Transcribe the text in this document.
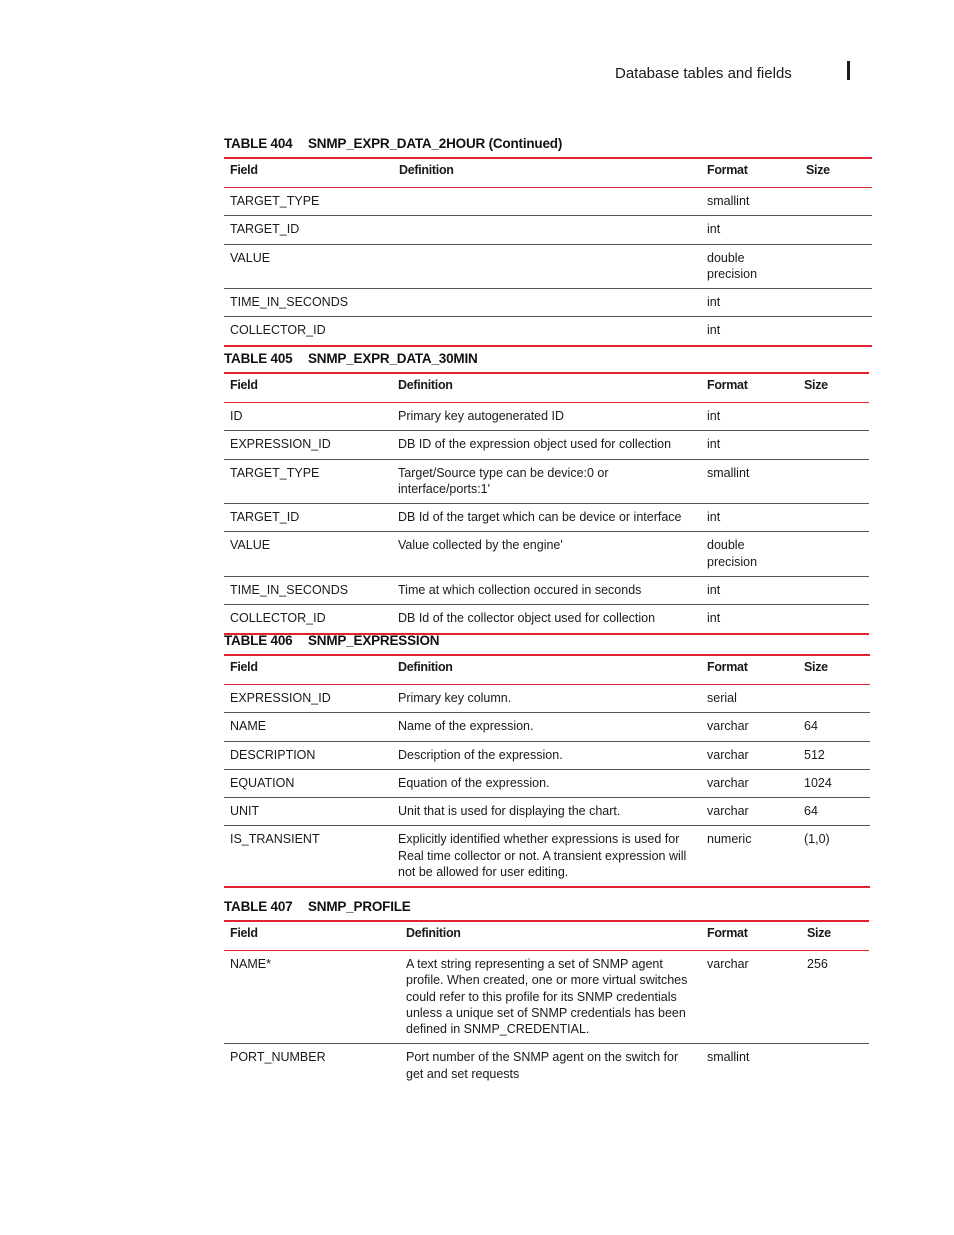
Database tables and fields
TABLE 404 SNMP_EXPR_DATA_2HOUR (Continued)
Field	Definition	Format	Size
TARGET_TYPE		smallint	
TARGET_ID		int	
VALUE		double
precision	
TIME_IN_SECONDS		int	
COLLECTOR_ID		int	
TABLE 405 SNMP_EXPR_DATA_30MIN
Field	Definition	Format	Size
ID	Primary key autogenerated ID	int	
EXPRESSION_ID	DB ID of the expression object used for collection	int	
TARGET_TYPE	Target/Source type can be device:0 or
interface/ports:1'	smallint	
TARGET_ID	DB Id of the target which can be device or interface	int	
VALUE	Value collected by the engine'	double
precision	
TIME_IN_SECONDS	Time at which collection occured in seconds	int	
COLLECTOR_ID	DB Id of the collector object used for collection	int	
TABLE 406 SNMP_EXPRESSION
Field	Definition	Format	Size
EXPRESSION_ID	Primary key column.	serial	
NAME	Name of the expression.	varchar	64
DESCRIPTION	Description of the expression.	varchar	512
EQUATION	Equation of the expression.	varchar	1024
UNIT	Unit that is used for displaying the chart.	varchar	64
IS_TRANSIENT	Explicitly identified whether expressions is used for
Real time collector or not. A transient expression will
not be allowed for user editing.	numeric	(1,0)
TABLE 407 SNMP_PROFILE
Field	Definition	Format	Size
NAME*	A text string representing a set of SNMP agent
profile. When created, one or more virtual switches
could refer to this profile for its SNMP credentials
unless a unique set of SNMP credentials has been
defined in SNMP_CREDENTIAL.	varchar	256
PORT_NUMBER	Port number of the SNMP agent on the switch for
get and set requests	smallint	
